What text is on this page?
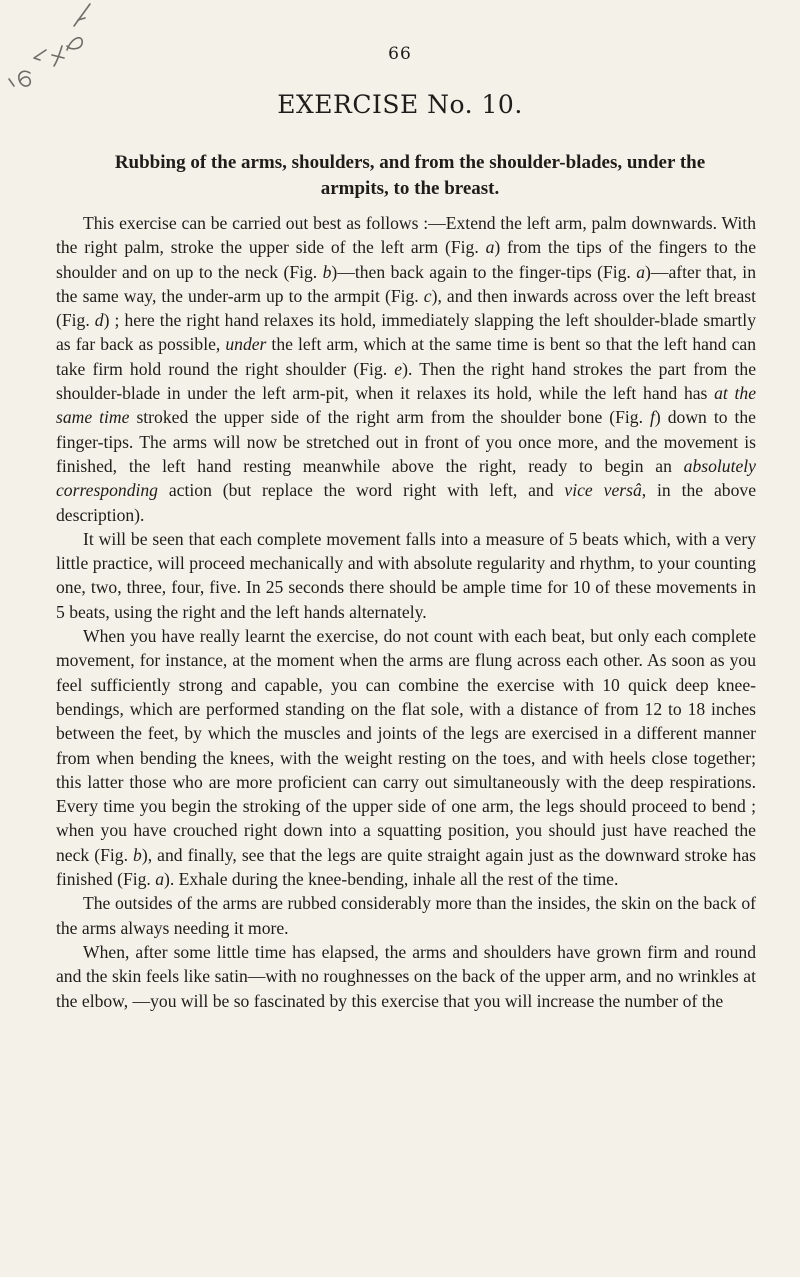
66
EXERCISE No. 10.
Rubbing of the arms, shoulders, and from the shoulder-blades, under the armpits, to the breast.

This exercise can be carried out best as follows :—Extend the left arm, palm downwards. With the right palm, stroke the upper side of the left arm (Fig. a) from the tips of the fingers to the shoulder and on up to the neck (Fig. b)—then back again to the finger-tips (Fig. a)—after that, in the same way, the under-arm up to the armpit (Fig. c), and then inwards across over the left breast (Fig. d) ; here the right hand relaxes its hold, immediately slapping the left shoulder-blade smartly as far back as possible, under the left arm, which at the same time is bent so that the left hand can take firm hold round the right shoulder (Fig. e). Then the right hand strokes the part from the shoulder-blade in under the left arm-pit, when it relaxes its hold, while the left hand has at the same time stroked the upper side of the right arm from the shoulder bone (Fig. f) down to the finger-tips. The arms will now be stretched out in front of you once more, and the movement is finished, the left hand resting meanwhile above the right, ready to begin an absolutely corresponding action (but replace the word right with left, and vice versâ, in the above description).

It will be seen that each complete movement falls into a measure of 5 beats which, with a very little practice, will proceed mechanically and with absolute regularity and rhythm, to your counting one, two, three, four, five. In 25 seconds there should be ample time for 10 of these movements in 5 beats, using the right and the left hands alternately.

When you have really learnt the exercise, do not count with each beat, but only each complete movement, for instance, at the moment when the arms are flung across each other. As soon as you feel sufficiently strong and capable, you can combine the exercise with 10 quick deep knee-bendings, which are performed standing on the flat sole, with a distance of from 12 to 18 inches between the feet, by which the muscles and joints of the legs are exercised in a different manner from when bending the knees, with the weight resting on the toes, and with heels close together; this latter those who are more proficient can carry out simultaneously with the deep respirations. Every time you begin the stroking of the upper side of one arm, the legs should proceed to bend ; when you have crouched right down into a squatting position, you should just have reached the neck (Fig. b), and finally, see that the legs are quite straight again just as the downward stroke has finished (Fig. a). Exhale during the knee-bending, inhale all the rest of the time.

The outsides of the arms are rubbed considerably more than the insides, the skin on the back of the arms always needing it more.

When, after some little time has elapsed, the arms and shoulders have grown firm and round and the skin feels like satin—with no roughnesses on the back of the upper arm, and no wrinkles at the elbow, —you will be so fascinated by this exercise that you will increase the number of the
